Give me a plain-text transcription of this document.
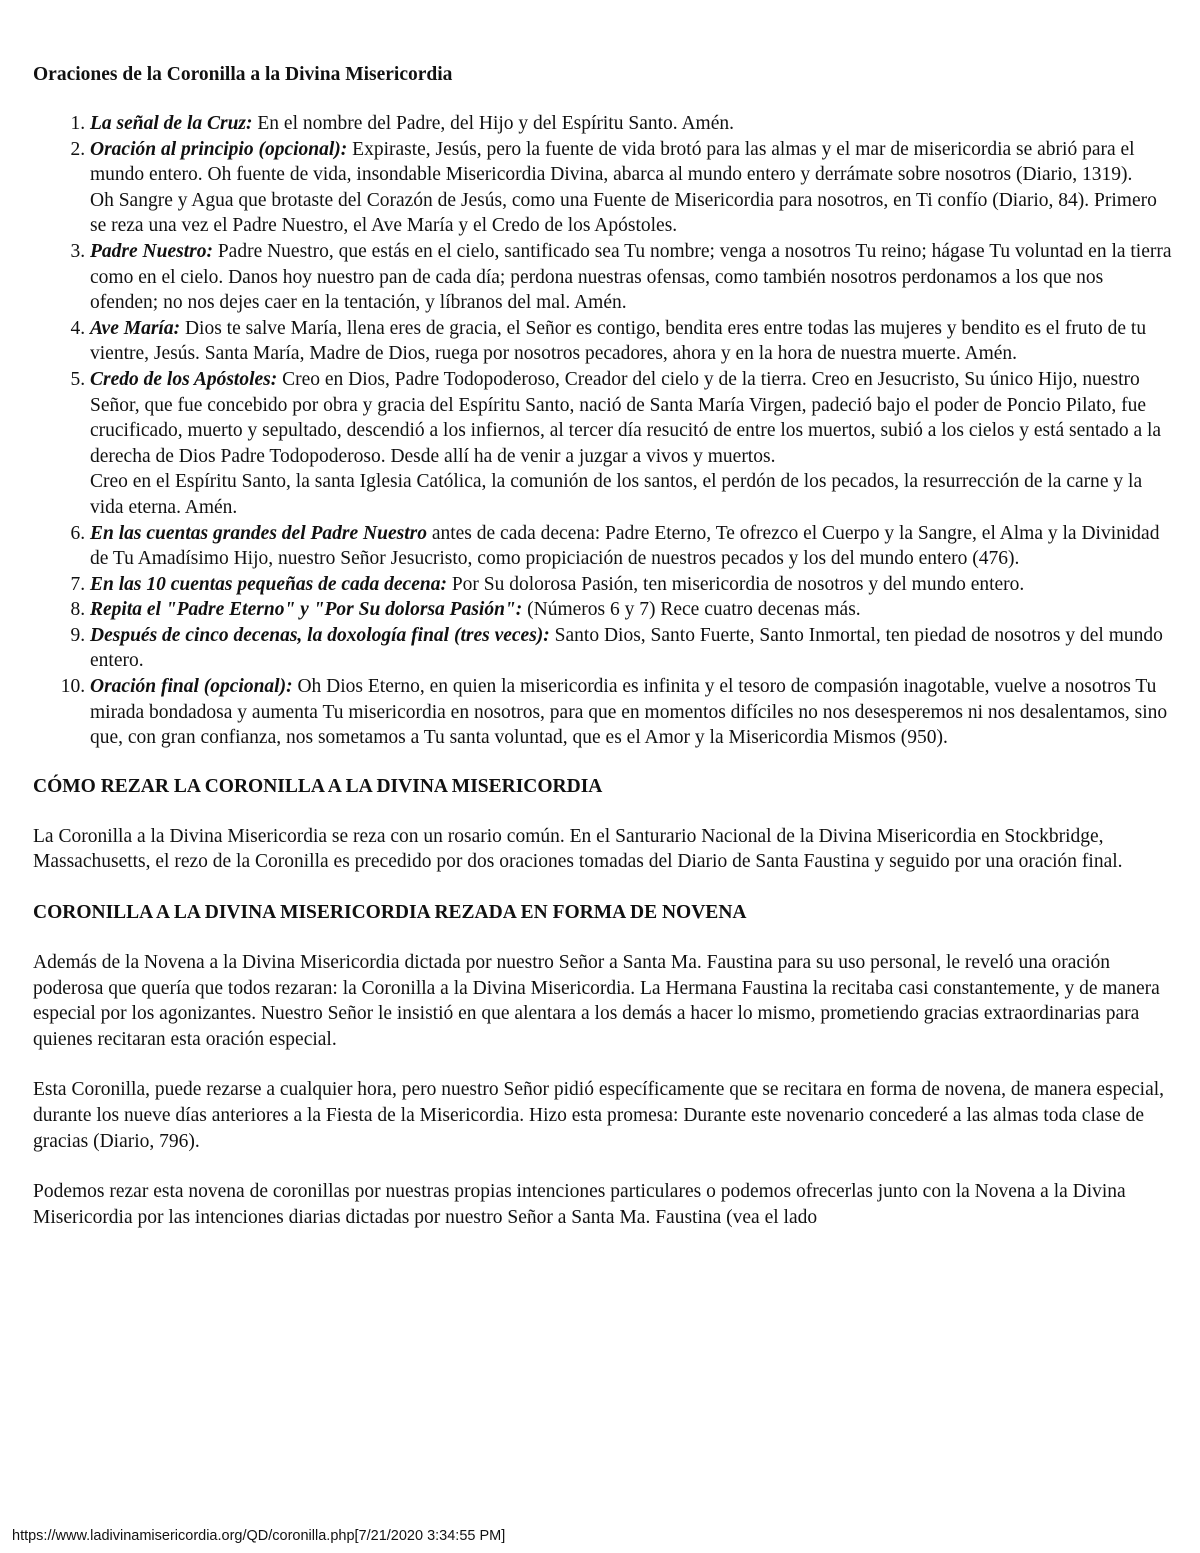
Oraciones de la Coronilla a la Divina Misericordia
1. La señal de la Cruz: En el nombre del Padre, del Hijo y del Espíritu Santo. Amén.
2. Oración al principio (opcional): Expiraste, Jesús, pero la fuente de vida brotó para las almas y el mar de misericordia se abrió para el mundo entero. Oh fuente de vida, insondable Misericordia Divina, abarca al mundo entero y derrámate sobre nosotros (Diario, 1319).
Oh Sangre y Agua que brotaste del Corazón de Jesús, como una Fuente de Misericordia para nosotros, en Ti confío (Diario, 84). Primero se reza una vez el Padre Nuestro, el Ave María y el Credo de los Apóstoles.
3. Padre Nuestro: Padre Nuestro, que estás en el cielo, santificado sea Tu nombre; venga a nosotros Tu reino; hágase Tu voluntad en la tierra como en el cielo. Danos hoy nuestro pan de cada día; perdona nuestras ofensas, como también nosotros perdonamos a los que nos ofenden; no nos dejes caer en la tentación, y líbranos del mal. Amén.
4. Ave María: Dios te salve María, llena eres de gracia, el Señor es contigo, bendita eres entre todas las mujeres y bendito es el fruto de tu vientre, Jesús. Santa María, Madre de Dios, ruega por nosotros pecadores, ahora y en la hora de nuestra muerte. Amén.
5. Credo de los Apóstoles: Creo en Dios, Padre Todopoderoso, Creador del cielo y de la tierra. Creo en Jesucristo, Su único Hijo, nuestro Señor, que fue concebido por obra y gracia del Espíritu Santo, nació de Santa María Virgen, padeció bajo el poder de Poncio Pilato, fue crucificado, muerto y sepultado, descendió a los infiernos, al tercer día resucitó de entre los muertos, subió a los cielos y está sentado a la derecha de Dios Padre Todopoderoso. Desde allí ha de venir a juzgar a vivos y muertos.
Creo en el Espíritu Santo, la santa Iglesia Católica, la comunión de los santos, el perdón de los pecados, la resurrección de la carne y la vida eterna. Amén.
6. En las cuentas grandes del Padre Nuestro antes de cada decena: Padre Eterno, Te ofrezco el Cuerpo y la Sangre, el Alma y la Divinidad de Tu Amadísimo Hijo, nuestro Señor Jesucristo, como propiciación de nuestros pecados y los del mundo entero (476).
7. En las 10 cuentas pequeñas de cada decena: Por Su dolorosa Pasión, ten misericordia de nosotros y del mundo entero.
8. Repita el "Padre Eterno" y "Por Su dolorsa Pasión": (Números 6 y 7) Rece cuatro decenas más.
9. Después de cinco decenas, la doxología final (tres veces): Santo Dios, Santo Fuerte, Santo Inmortal, ten piedad de nosotros y del mundo entero.
10. Oración final (opcional): Oh Dios Eterno, en quien la misericordia es infinita y el tesoro de compasión inagotable, vuelve a nosotros Tu mirada bondadosa y aumenta Tu misericordia en nosotros, para que en momentos difíciles no nos desesperemos ni nos desalentamos, sino que, con gran confianza, nos sometamos a Tu santa voluntad, que es el Amor y la Misericordia Mismos (950).
CÓMO REZAR LA CORONILLA A LA DIVINA MISERICORDIA

La Coronilla a la Divina Misericordia se reza con un rosario común. En el Santurario Nacional de la Divina Misericordia en Stockbridge, Massachusetts, el rezo de la Coronilla es precedido por dos oraciones tomadas del Diario de Santa Faustina y seguido por una oración final.

CORONILLA A LA DIVINA MISERICORDIA REZADA EN FORMA DE NOVENA

Además de la Novena a la Divina Misericordia dictada por nuestro Señor a Santa Ma. Faustina para su uso personal, le reveló una oración poderosa que quería que todos rezaran: la Coronilla a la Divina Misericordia. La Hermana Faustina la recitaba casi constantemente, y de manera especial por los agonizantes. Nuestro Señor le insistió en que alentara a los demás a hacer lo mismo, prometiendo gracias extraordinarias para quienes recitaran esta oración especial.

Esta Coronilla, puede rezarse a cualquier hora, pero nuestro Señor pidió específicamente que se recitara en forma de novena, de manera especial, durante los nueve días anteriores a la Fiesta de la Misericordia. Hizo esta promesa: Durante este novenario concederé a las almas toda clase de gracias (Diario, 796).

Podemos rezar esta novena de coronillas por nuestras propias intenciones particulares o podemos ofrecerlas junto con la Novena a la Divina Misericordia por las intenciones diarias dictadas por nuestro Señor a Santa Ma. Faustina (vea el lado

https://www.ladivinamisericordia.org/QD/coronilla.php[7/21/2020 3:34:55 PM]
